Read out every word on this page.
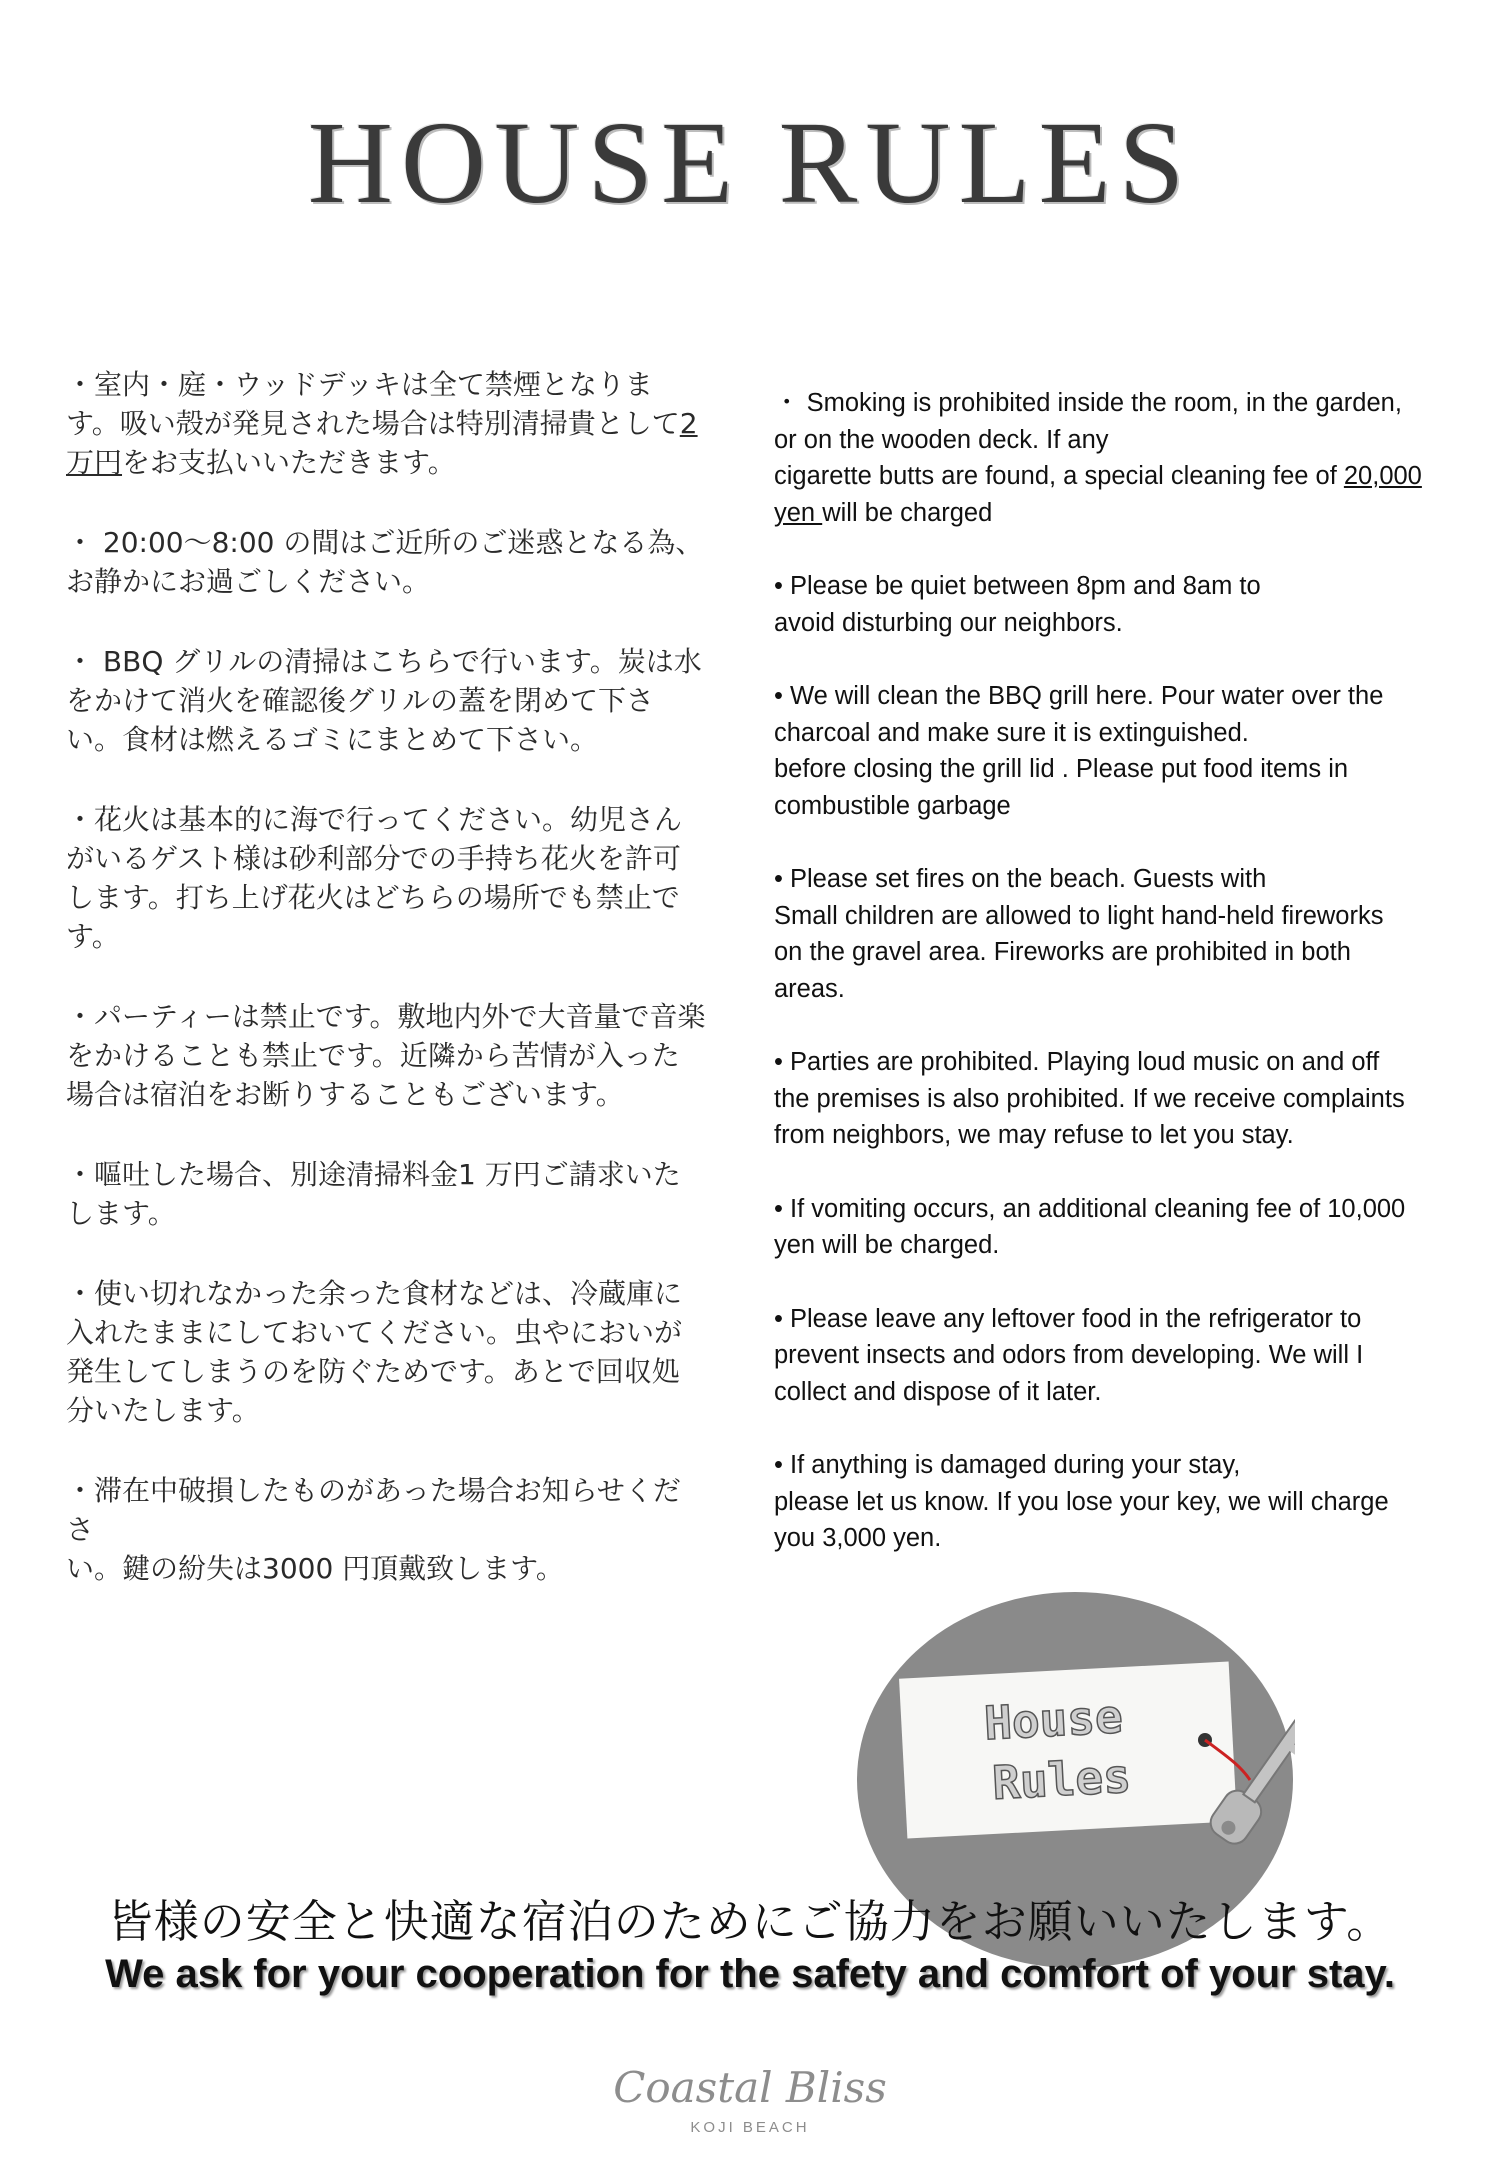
HOUSE RULES

・室内・庭・ウッドデッキは全て禁煙となります。吸い殻が発見された場合は特別清掃貴として2万円をお支払いいただきます。

・ 20:00〜8:00 の間はご近所のご迷惑となる為、お静かにお過ごしください。

・ BBQ グリルの清掃はこちらで行います。炭は水をかけて消火を確認後グリルの蓋を閉めて下さい。食材は燃えるゴミにまとめて下さい。

・花火は基本的に海で行ってください。幼児さんがいるゲスト様は砂利部分での手持ち花火を許可します。打ち上げ花火はどちらの場所でも禁止です。

・パーティーは禁止です。敷地内外で大音量で音楽をかけることも禁止です。近隣から苦情が入った場合は宿泊をお断りすることもございます。

・嘔吐した場合、別途清掃料金1 万円ご請求いたします。

・使い切れなかった余った食材などは、冷蔵庫に入れたままにしておいてください。虫やにおいが発生してしまうのを防ぐためです。あとで回収処分いたします。

・滞在中破損したものがあった場合お知らせくださ
い。鍵の紛失は3000 円頂戴致します。

・ Smoking is prohibited inside the room, in the garden,
or on the wooden deck. If any
cigarette butts are found, a special cleaning fee of 20,000
yen will be charged

• Please be quiet between 8pm and 8am to
avoid disturbing our neighbors.

• We will clean the BBQ grill here. Pour water over the
charcoal and make sure it is extinguished.
before closing the grill lid . Please put food items in
combustible garbage

• Please set fires on the beach. Guests with
Small children are allowed to light hand-held fireworks
on the gravel area. Fireworks are prohibited in both
areas.

• Parties are prohibited. Playing loud music on and off
the premises is also prohibited. If we receive complaints
from neighbors, we may refuse to let you stay.

• If vomiting occurs, an additional cleaning fee of 10,000
yen will be charged.

• Please leave any leftover food in the refrigerator to
prevent insects and odors from developing. We will I
collect and dispose of it later.

• If anything is damaged during your stay,
please let us know. If you lose your key, we will charge
you 3,000 yen.

House
Rules
皆様の安全と快適な宿泊のためにご協力をお願いいたします。
We ask for your cooperation for the safety and comfort of your stay.
Coastal Bliss
KOJI BEACH
